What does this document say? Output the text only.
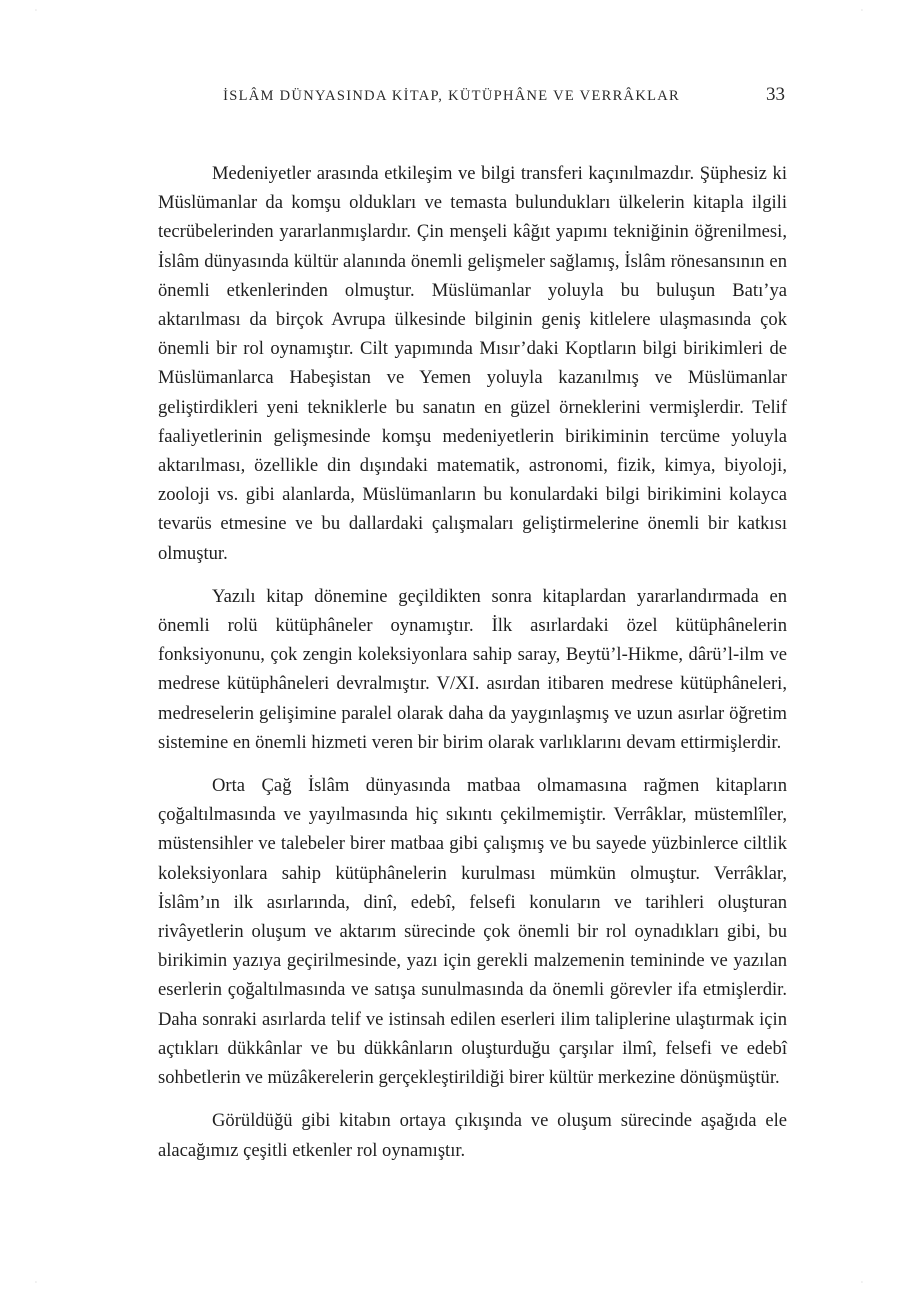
·	·
·	·
İSLÂM DÜNYASINDA KİTAP, KÜTÜPHÂNE VE VERRÂKLAR	33

Medeniyetler arasında etkileşim ve bilgi transferi kaçınılmazdır. Şüphesiz ki Müslümanlar da komşu oldukları ve temasta bulundukları ülkelerin kitapla ilgili tecrübelerinden yararlanmışlardır. Çin menşeli kâğıt yapımı tekniğinin öğrenilmesi, İslâm dünyasında kültür alanında önemli gelişmeler sağlamış, İslâm rönesansının en önemli etkenlerinden olmuştur. Müslümanlar yoluyla bu buluşun Batı’ya aktarılması da birçok Avrupa ülkesinde bilginin geniş kitlelere ulaşmasında çok önemli bir rol oynamıştır. Cilt yapımında Mısır’daki Koptların bilgi birikimleri de Müslümanlarca Habeşistan ve Yemen yoluyla kazanılmış ve Müslümanlar geliştirdikleri yeni tekniklerle bu sanatın en güzel örneklerini vermişlerdir. Telif faaliyetlerinin gelişmesinde komşu medeniyetlerin birikiminin tercüme yoluyla aktarılması, özellikle din dışındaki matematik, astronomi, fizik, kimya, biyoloji, zooloji vs. gibi alanlarda, Müslümanların bu konulardaki bilgi birikimini kolayca tevarüs etmesine ve bu dallardaki çalışmaları geliştirmelerine önemli bir katkısı olmuştur.

Yazılı kitap dönemine geçildikten sonra kitaplardan yararlandırmada en önemli rolü kütüphâneler oynamıştır. İlk asırlardaki özel kütüphânelerin fonksiyonunu, çok zengin koleksiyonlara sahip saray, Beytü’l-Hikme, dârü’l-ilm ve medrese kütüphâneleri devralmıştır. V/XI. asırdan itibaren medrese kütüphâneleri, medreselerin gelişimine paralel olarak daha da yaygınlaşmış ve uzun asırlar öğretim sistemine en önemli hizmeti veren bir birim olarak varlıklarını devam ettirmişlerdir.

Orta Çağ İslâm dünyasında matbaa olmamasına rağmen kitapların çoğaltılmasında ve yayılmasında hiç sıkıntı çekilmemiştir. Verrâklar, müstemlîler, müstensihler ve talebeler birer matbaa gibi çalışmış ve bu sayede yüzbinlerce ciltlik koleksiyonlara sahip kütüphânelerin kurulması mümkün olmuştur. Verrâklar, İslâm’ın ilk asırlarında, dinî, edebî, felsefi konuların ve tarihleri oluşturan rivâyetlerin oluşum ve aktarım sürecinde çok önemli bir rol oynadıkları gibi, bu birikimin yazıya geçirilmesinde, yazı için gerekli malzemenin temininde ve yazılan eserlerin çoğaltılmasında ve satışa sunulmasında da önemli görevler ifa etmişlerdir. Daha sonraki asırlarda telif ve istinsah edilen eserleri ilim taliplerine ulaştırmak için açtıkları dükkânlar ve bu dükkânların oluşturduğu çarşılar ilmî, felsefi ve edebî sohbetlerin ve müzâkerelerin gerçekleştirildiği birer kültür merkezine dönüşmüştür.

Görüldüğü gibi kitabın ortaya çıkışında ve oluşum sürecinde aşağıda ele alacağımız çeşitli etkenler rol oynamıştır.
